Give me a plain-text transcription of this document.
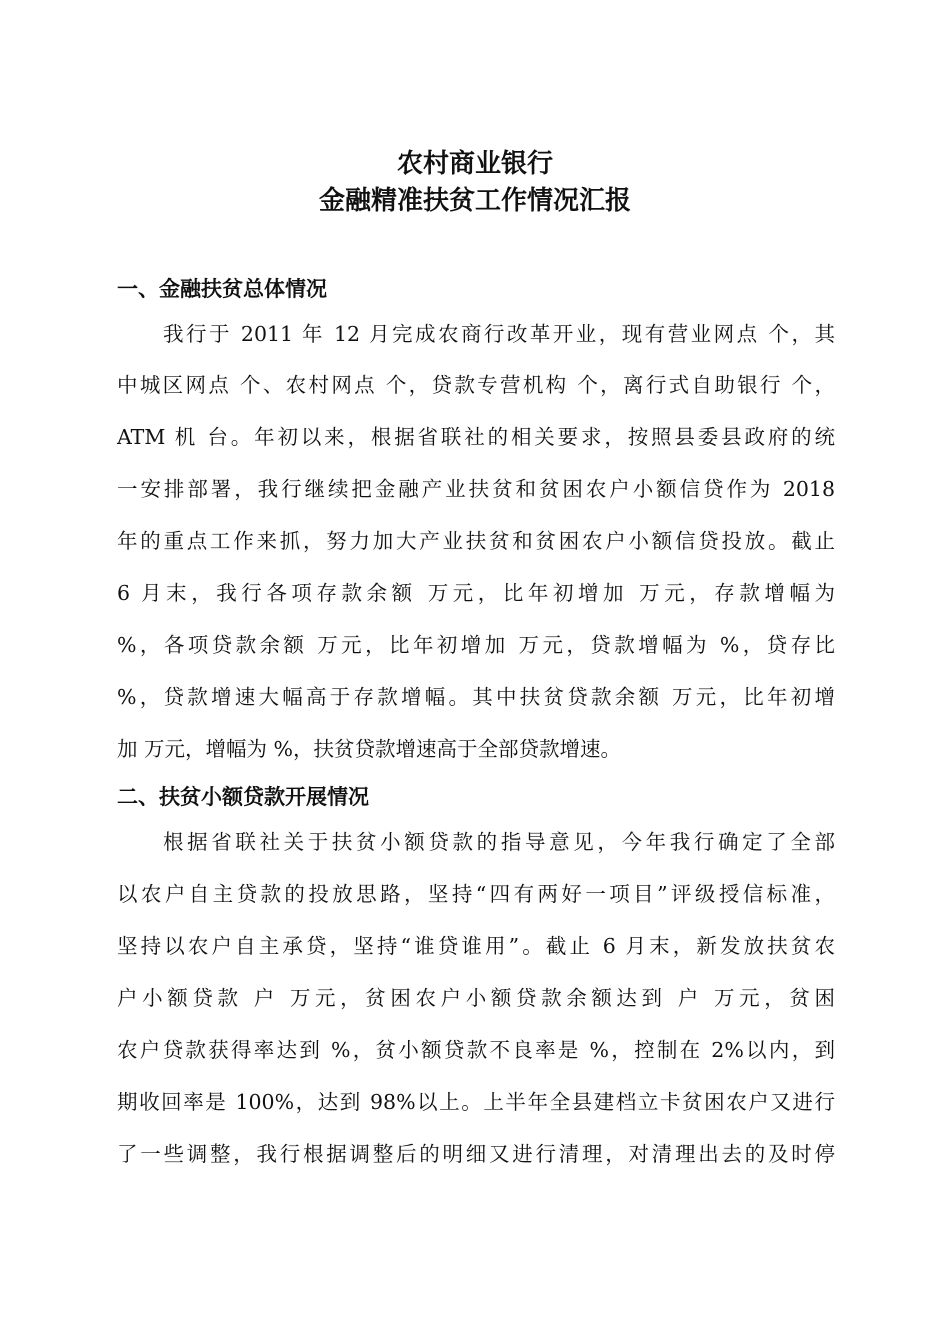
农村商业银行
金融精准扶贫工作情况汇报
一、金融扶贫总体情况
我行于 2011 年 12 月完成农商行改革开业，现有营业网点 个，其
中城区网点 个、农村网点 个，贷款专营机构 个，离行式自助银行 个，
ATM 机 台。年初以来，根据省联社的相关要求，按照县委县政府的统
一安排部署，我行继续把金融产业扶贫和贫困农户小额信贷作为 2018
年的重点工作来抓，努力加大产业扶贫和贫困农户小额信贷投放。截止
6 月末，我行各项存款余额 万元，比年初增加 万元，存款增幅为
%，各项贷款余额 万元，比年初增加 万元，贷款增幅为 %，贷存比
%，贷款增速大幅高于存款增幅。其中扶贫贷款余额 万元，比年初增
加 万元，增幅为 %，扶贫贷款增速高于全部贷款增速。
二、扶贫小额贷款开展情况
根据省联社关于扶贫小额贷款的指导意见，今年我行确定了全部
以农户自主贷款的投放思路，坚持“四有两好一项目”评级授信标准，
坚持以农户自主承贷，坚持“谁贷谁用”。截止 6 月末，新发放扶贫农
户小额贷款 户 万元，贫困农户小额贷款余额达到 户 万元，贫困
农户贷款获得率达到 %，贫小额贷款不良率是 %，控制在 2%以内，到
期收回率是 100%，达到 98%以上。上半年全县建档立卡贫困农户又进行
了一些调整，我行根据调整后的明细又进行清理，对清理出去的及时停
